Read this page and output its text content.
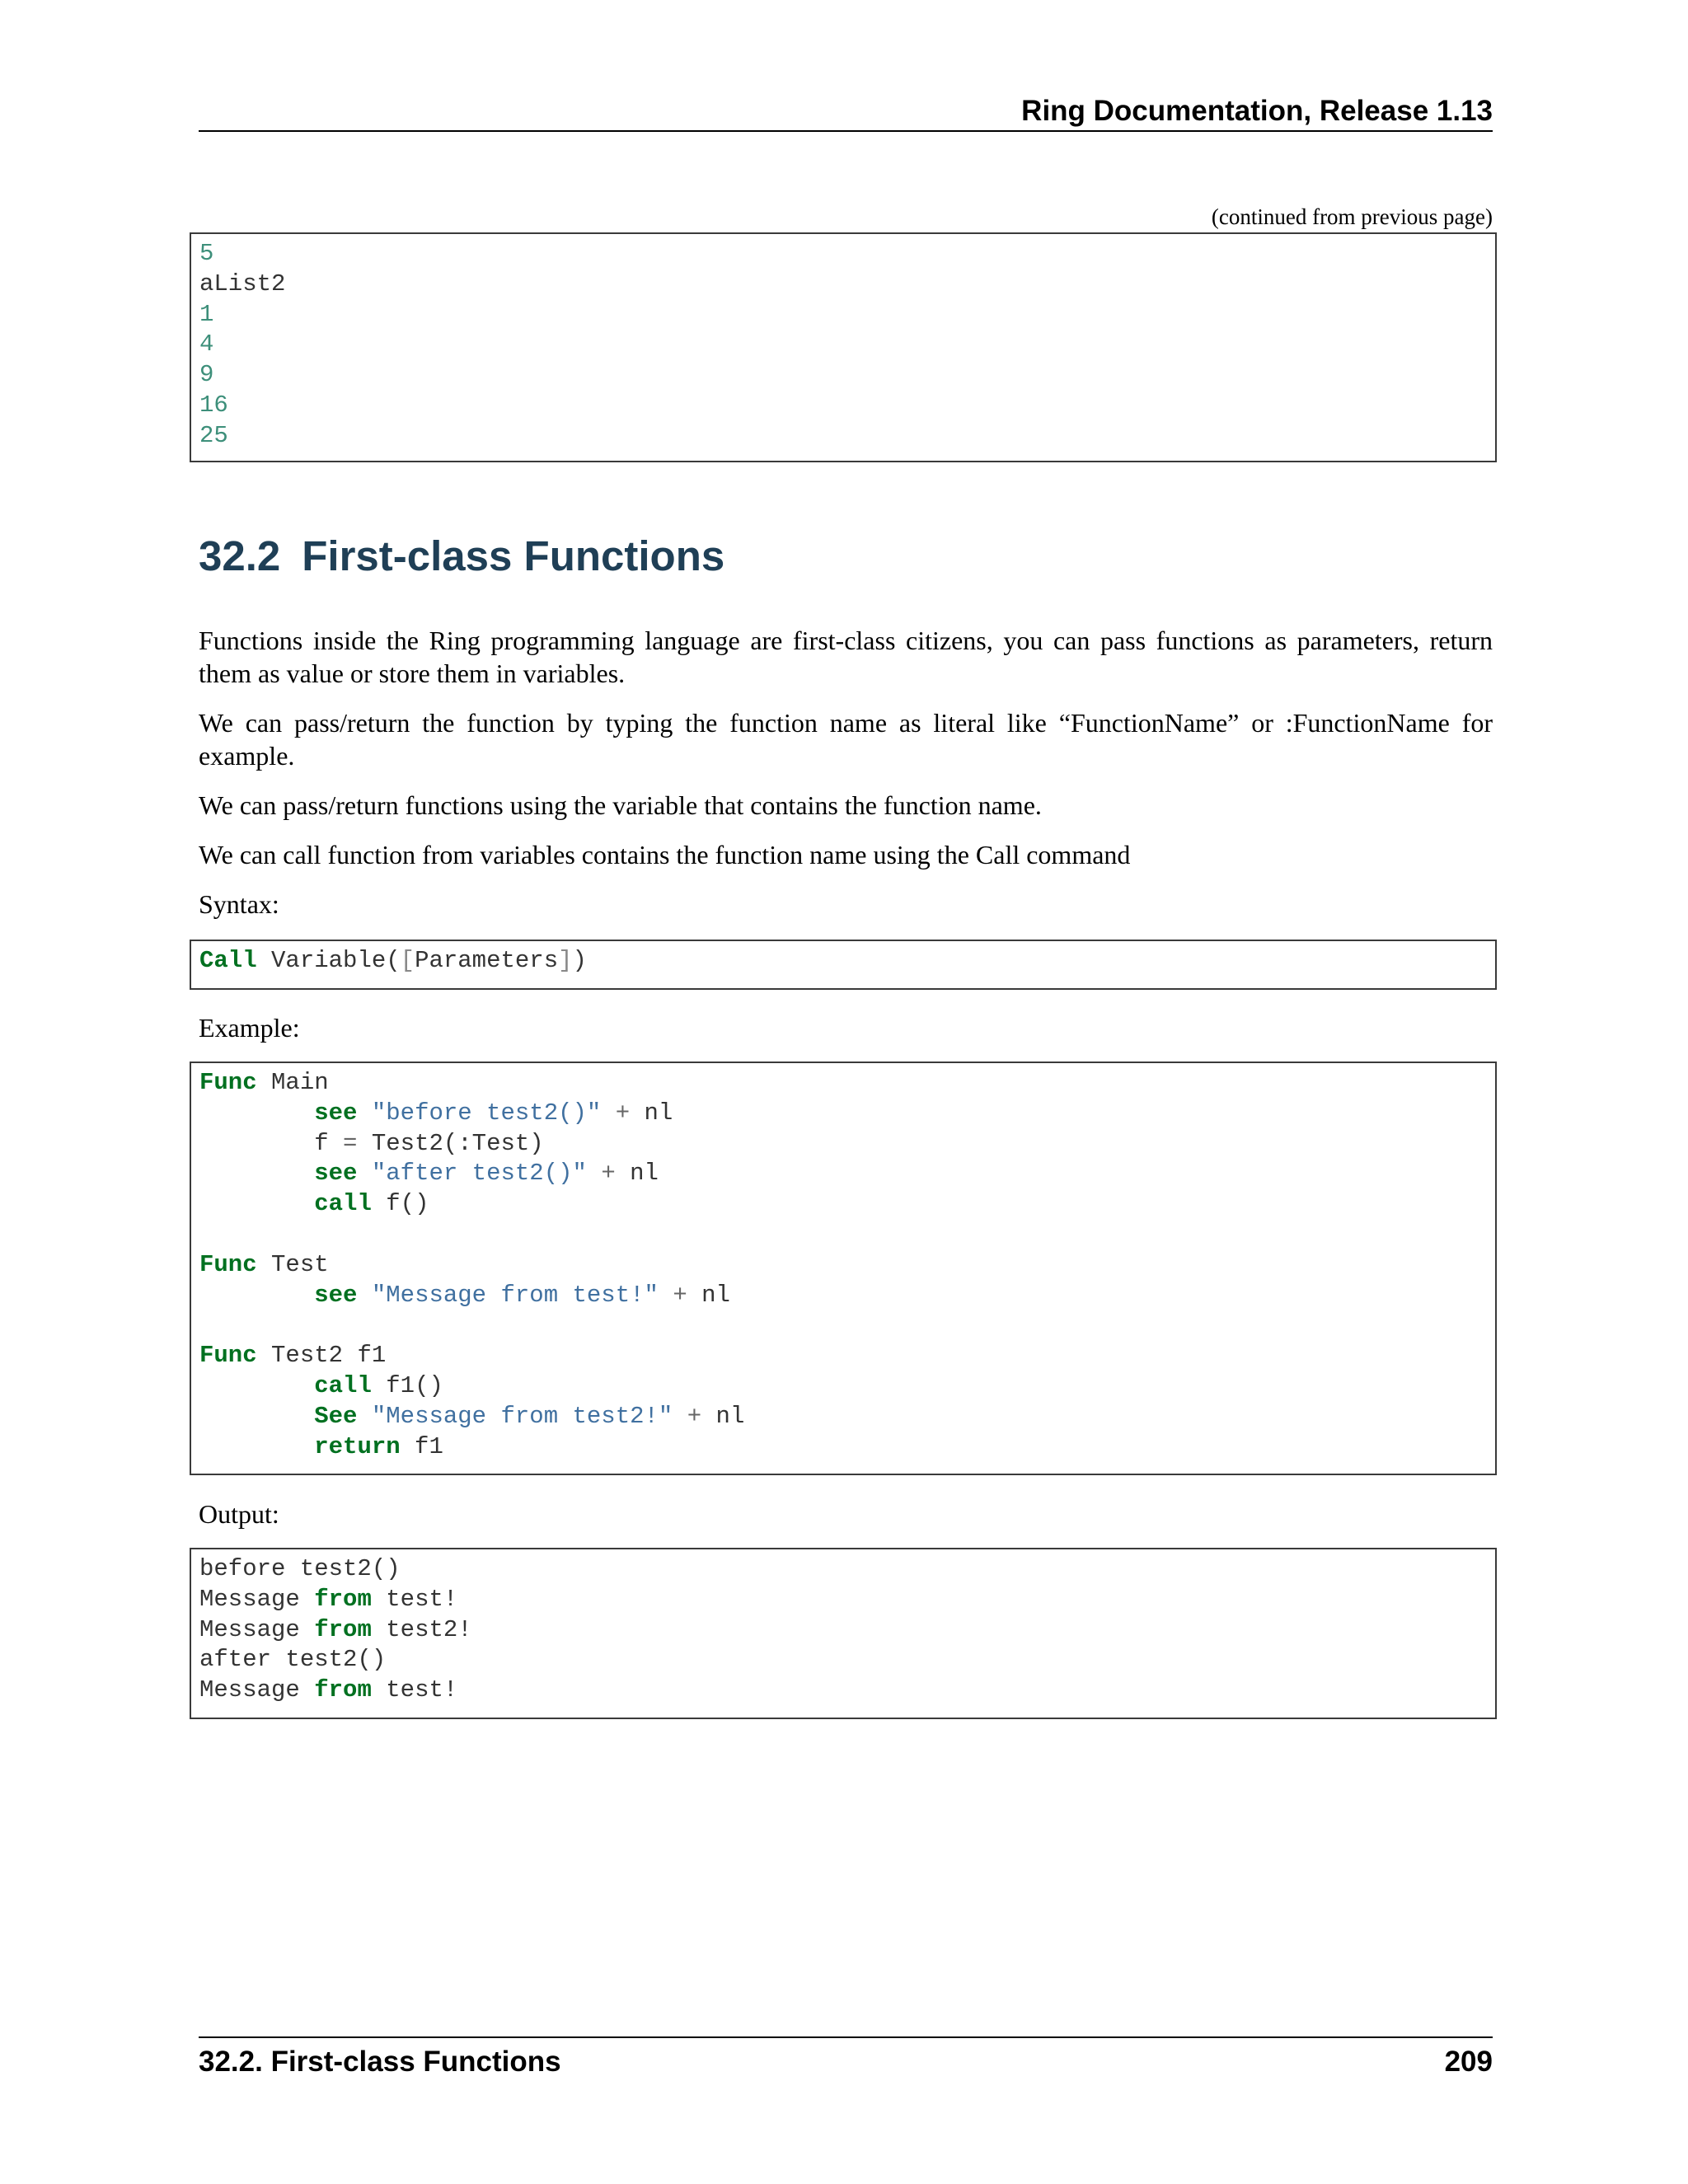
Ring Documentation, Release 1.13
(continued from previous page)
5
aList2
1
4
9
16
25
32.2 First-class Functions

Functions inside the Ring programming language are first-class citizens, you can pass functions as parameters, return them as value or store them in variables.

We can pass/return the function by typing the function name as literal like “FunctionName” or :FunctionName for example.

We can pass/return functions using the variable that contains the function name.

We can call function from variables contains the function name using the Call command

Syntax:

Call Variable([Parameters])

Example:

Func Main
see "before test2()" + nl
f = Test2(:Test)
see "after test2()" + nl
call f()
Func Test
see "Message from test!" + nl
Func Test2 f1
call f1()
See "Message from test2!" + nl
return f1

Output:

before test2()
Message from test!
Message from test2!
after test2()
Message from test!
32.2. First-class Functions	209
